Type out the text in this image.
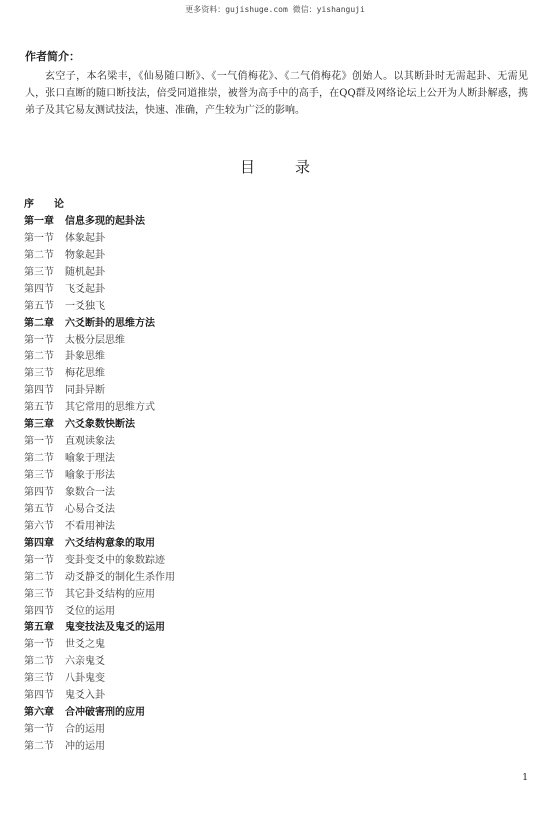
更多资料：gujishuge.com 微信：yishanguji
作者简介：

玄空子，本名梁丰，《仙易随口断》、《一气俏梅花》、《二气俏梅花》创始人。以其断卦时无需起卦、无需见人，张口直断的随口断技法，倍受同道推崇，被誉为高手中的高手，在QQ群及网络论坛上公开为人断卦解惑，携弟子及其它易友测试技法，快速、准确，产生较为广泛的影响。

目	录
序　　论
第一章 信息多现的起卦法
第一节 体象起卦
第二节 物象起卦
第三节 随机起卦
第四节 飞爻起卦
第五节 一爻独飞
第二章 六爻断卦的思维方法
第一节 太极分层思维
第二节 卦象思维
第三节 梅花思维
第四节 同卦异断
第五节 其它常用的思维方式
第三章 六爻象数快断法
第一节 直观读象法
第二节 喻象于理法
第三节 喻象于形法
第四节 象数合一法
第五节 心易合爻法
第六节 不看用神法
第四章 六爻结构意象的取用
第一节 变卦变爻中的象数踪迹
第二节 动爻静爻的制化生杀作用
第三节 其它卦爻结构的应用
第四节 爻位的运用
第五章 鬼变技法及鬼爻的运用
第一节 世爻之鬼
第二节 六亲鬼爻
第三节 八卦鬼变
第四节 鬼爻入卦
第六章 合冲破害刑的应用
第一节 合的运用
第二节 冲的运用
1
